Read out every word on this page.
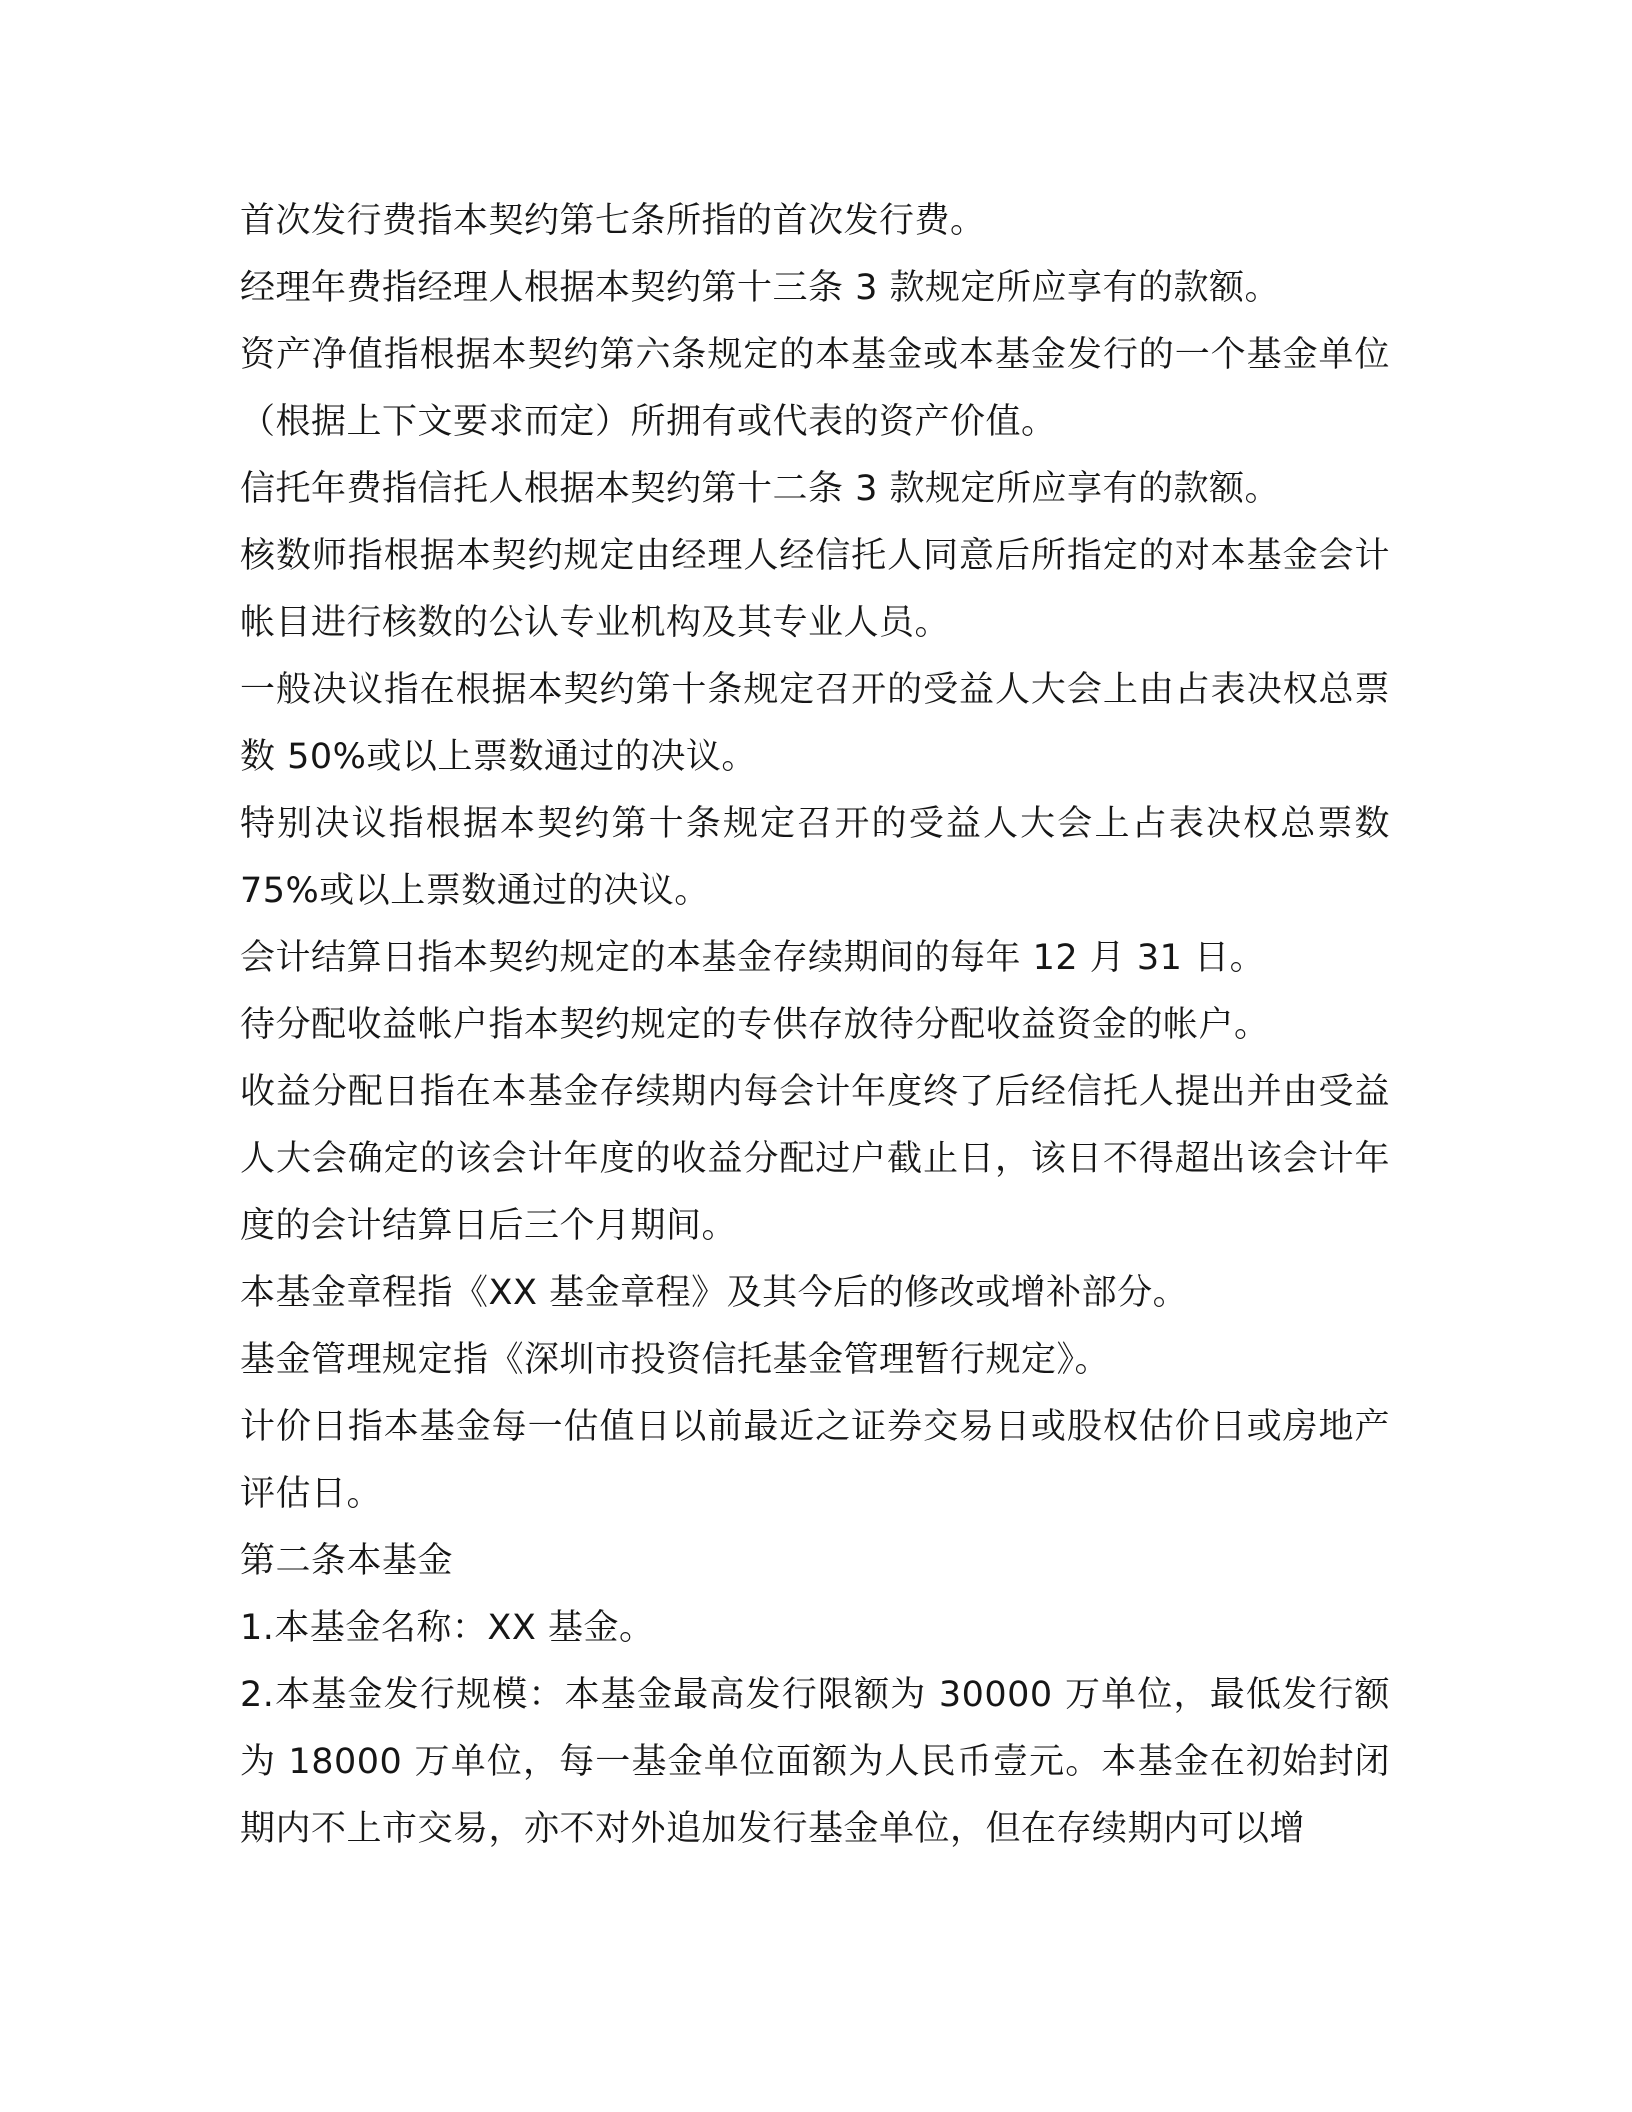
首次发行费指本契约第七条所指的首次发行费。

经理年费指经理人根据本契约第十三条 3 款规定所应享有的款额。

资产净值指根据本契约第六条规定的本基金或本基金发行的一个基金单位（根据上下文要求而定）所拥有或代表的资产价值。

信托年费指信托人根据本契约第十二条 3 款规定所应享有的款额。

核数师指根据本契约规定由经理人经信托人同意后所指定的对本基金会计帐目进行核数的公认专业机构及其专业人员。

一般决议指在根据本契约第十条规定召开的受益人大会上由占表决权总票数 50%或以上票数通过的决议。

特别决议指根据本契约第十条规定召开的受益人大会上占表决权总票数 75%或以上票数通过的决议。

会计结算日指本契约规定的本基金存续期间的每年 12 月 31 日。

待分配收益帐户指本契约规定的专供存放待分配收益资金的帐户。

收益分配日指在本基金存续期内每会计年度终了后经信托人提出并由受益人大会确定的该会计年度的收益分配过户截止日，该日不得超出该会计年度的会计结算日后三个月期间。

本基金章程指《XX 基金章程》及其今后的修改或增补部分。

基金管理规定指《深圳市投资信托基金管理暂行规定》。

计价日指本基金每一估值日以前最近之证券交易日或股权估价日或房地产评估日。

第二条本基金

1.本基金名称：XX 基金。

2.本基金发行规模：本基金最高发行限额为 30000 万单位，最低发行额为 18000 万单位，每一基金单位面额为人民币壹元。本基金在初始封闭期内不上市交易，亦不对外追加发行基金单位，但在存续期内可以增
